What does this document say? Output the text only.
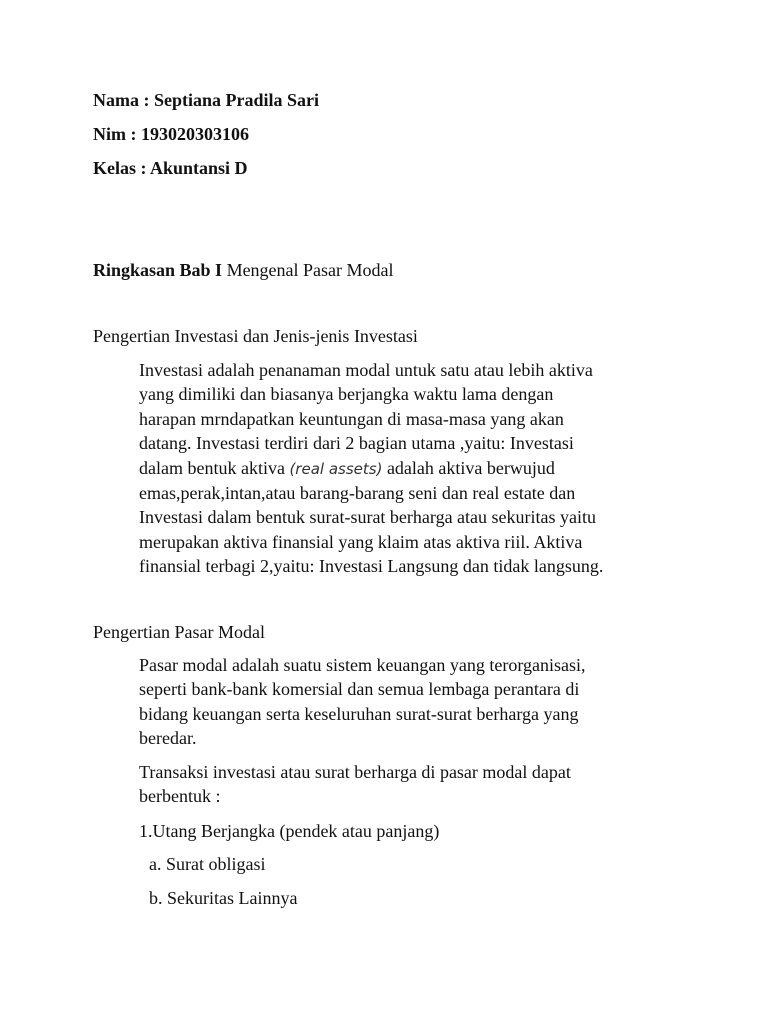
Nama : Septiana Pradila Sari
Nim : 193020303106
Kelas : Akuntansi D
Ringkasan Bab I Mengenal Pasar Modal
Pengertian Investasi dan Jenis-jenis Investasi
Investasi adalah penanaman modal untuk satu atau lebih aktiva
yang dimiliki dan biasanya berjangka waktu lama dengan
harapan mrndapatkan keuntungan di masa-masa yang akan
datang. Investasi terdiri dari 2 bagian utama ,yaitu: Investasi
dalam bentuk aktiva (real assets) adalah aktiva berwujud
emas,perak,intan,atau barang-barang seni dan real estate dan
Investasi dalam bentuk surat-surat berharga atau sekuritas yaitu
merupakan aktiva finansial yang klaim atas aktiva riil. Aktiva
finansial terbagi 2,yaitu: Investasi Langsung dan tidak langsung.
Pengertian Pasar Modal
Pasar modal adalah suatu sistem keuangan yang terorganisasi,
seperti bank-bank komersial dan semua lembaga perantara di
bidang keuangan serta keseluruhan surat-surat berharga yang
beredar.
Transaksi investasi atau surat berharga di pasar modal dapat
berbentuk :
1.Utang Berjangka (pendek atau panjang)
a. Surat obligasi
b. Sekuritas Lainnya
